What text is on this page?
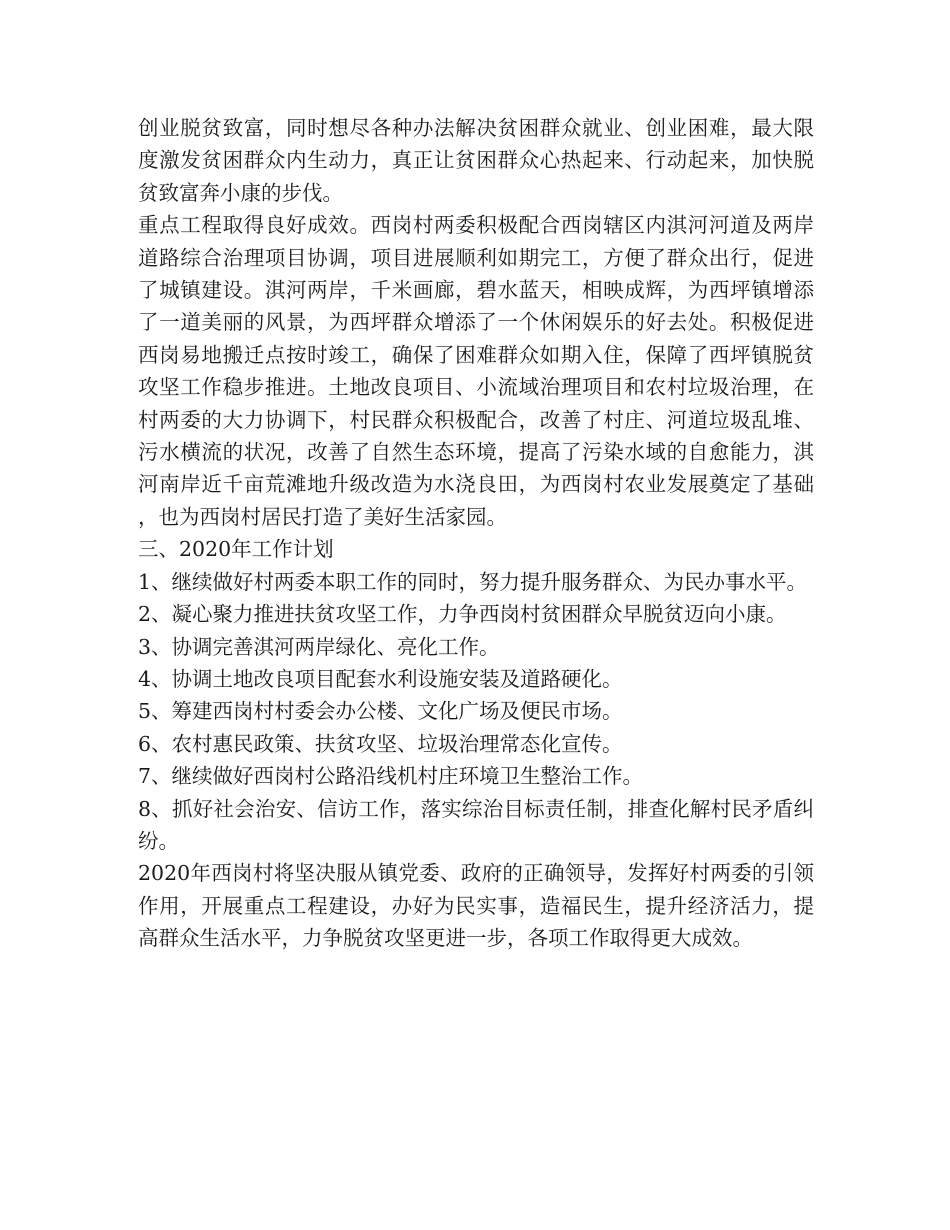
创业脱贫致富，同时想尽各种办法解决贫困群众就业、创业困难，最大限度激发贫困群众内生动力，真正让贫困群众心热起来、行动起来，加快脱贫致富奔小康的步伐。

重点工程取得良好成效。西岗村两委积极配合西岗辖区内淇河河道及两岸道路综合治理项目协调，项目进展顺利如期完工，方便了群众出行，促进了城镇建设。淇河两岸，千米画廊，碧水蓝天，相映成辉，为西坪镇增添了一道美丽的风景，为西坪群众增添了一个休闲娱乐的好去处。积极促进西岗易地搬迁点按时竣工，确保了困难群众如期入住，保障了西坪镇脱贫攻坚工作稳步推进。土地改良项目、小流域治理项目和农村垃圾治理，在村两委的大力协调下，村民群众积极配合，改善了村庄、河道垃圾乱堆、污水横流的状况，改善了自然生态环境，提高了污染水域的自愈能力，淇河南岸近千亩荒滩地升级改造为水浇良田，为西岗村农业发展奠定了基础，也为西岗村居民打造了美好生活家园。

三、2020年工作计划

1、继续做好村两委本职工作的同时，努力提升服务群众、为民办事水平。

2、凝心聚力推进扶贫攻坚工作，力争西岗村贫困群众早脱贫迈向小康。

3、协调完善淇河两岸绿化、亮化工作。

4、协调土地改良项目配套水利设施安装及道路硬化。

5、筹建西岗村村委会办公楼、文化广场及便民市场。

6、农村惠民政策、扶贫攻坚、垃圾治理常态化宣传。

7、继续做好西岗村公路沿线机村庄环境卫生整治工作。

8、抓好社会治安、信访工作，落实综治目标责任制，排查化解村民矛盾纠纷。

2020年西岗村将坚决服从镇党委、政府的正确领导，发挥好村两委的引领作用，开展重点工程建设，办好为民实事，造福民生，提升经济活力，提高群众生活水平，力争脱贫攻坚更进一步，各项工作取得更大成效。
